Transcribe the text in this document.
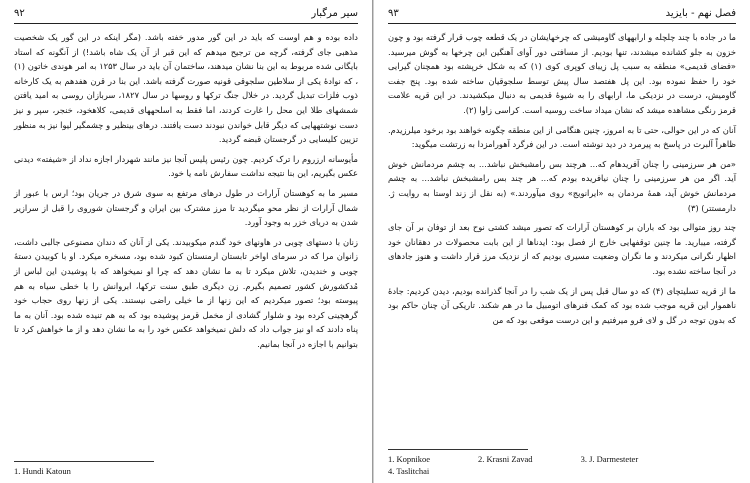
۹۲	سیر مرگبار

داده بوده و هم اوست که باید در این گور مدور خفته باشد. (مگر اینکه در این گور یک شخصیت مذهبی جای گرفته، گرچه من ترجیح میدهم که این قبر از آن یک شاه باشد!) از آنگونه که استاد بایگانی شده مربوط به این بنا نشان میدهند، ساختمان آن باید در سال ۱۲۵۳ به امر هوندی خاتون (۱) ، که نوادۀ یکی از سلاطین سلجوقی قونیه صورت گرفته باشد. این بنا در قرن هفدهم به یک کارخانه ذوب فلزات تبدیل گردید. در خلال جنگ ترکها و روسها در سال ۱۸۲۷، سربازان روسی به امید یافتن شمشهای طلا این محل را غارت کردند، اما فقط به اسلحههای قدیمی، کلاهخود، خنجر، سپر و نیز دست نوشتههایی که دیگر قابل خواندن نبودند دست یافتند. درهای بینظیر و چشمگیر لیوا نیز به منظور تزیین کلیسایی در گرجستان قبضه گردید.

مأیوسانه ارزروم را ترک کردیم. چون رئیس پلیس آنجا نیز مانند شهردار اجازه نداد از «شیفته» دیدنی عکس بگیریم، این بنا نتیجه نداشت سفارش نامه یا خود.

مسیر ما به کوهستان آرارات در طول درهای مرتفع به سوی شرق در جریان بود؛ ارس با عبور از شمال آرارات از نظر محو میگردید تا مرز مشترک بین ایران و گرجستان شوروی را قبل از سرازیر شدن به دریای خزر به وجود آورد.

زنان با دستهای چوبی در هاونهای خود گندم میکوبیدند. یکی از آنان که دندان مصنوعی جالبی داشت، زانوان مرا که در سرمای اواخر تابستان ارمنستان کبود شده بود، مسخره میکرد. او با کوبیدن دستهٔ چوبی و خندیدن، تلاش میکرد تا به ما نشان دهد که چرا او نمیخواهد که با پوشیدن این لباس از مُدکشورش کشور تصمیم بگیرم. زن دیگری طبق سنت ترکها، ابروانش را با خطی سیاه به هم پیوسته بود؛ تصور میکردیم که این زنها از ما خیلی راضی نیستند. یکی از زنها روی حجاب خود گرهچینی کرده بود و شلوار گشادی از مخمل قرمز پوشیده بود که به هم تنیده شده بود. آنان به ما پناه دادند که او نیز جواب داد که دلش نمیخواهد عکس خود را به ما نشان دهد و از ما خواهش کرد تا بتوانیم با اجازه در آنجا بمانیم.

1. Hundi Katoun
۹۳	فصل نهم - بایزید

ما در جاده با چند چلچله و ارابههای گاومیشی که چرخهایشان در یک قطعه چوب قرار گرفته بود و چون خزون به جلو کشانده میشدند، تنها بودیم. از مسافتی دور آوای آهنگین این چرخها به گوش میرسید. «فضای قدیمی» منطقه به سبب پل زیبای کوپری کوی (۱) که به شکل خرپشته بود همچنان گیرایی خود را حفظ نموده بود. این پل هفتصد سال پیش توسط سلجوقیان ساخته شده بود. پنج جفت گاومیش، درست در نزدیکی ما، ارابهای را به شیوۀ قدیمی به دنبال میکشیدند. در این قریه علامت قرمز رنگی مشاهده میشد که نشان میداد ساخت روسیه است. کراسی زاوا (۲).

آنان که در این حوالی، حتی تا به امروز، چنین هنگامی از این منطقه چگونه خواهند بود برخود میلرزیدم. ظاهراً آلبرت در پاسخ به پیرمرد در دید نوشته است. در این فرگرد آهورامزدا به زرتشت میگوید:

«من هر سرزمینی را چنان آفریدهام که... هرچند بس رامشبخش نباشد... به چشم مردمانش خوش آید. اگر من هر سرزمینی را چنان نیافریده بودم که... هر چند بس رامشبخش نباشد... به چشم مردمانش خوش آید، همۀ مردمان به «ایرانویج» روی میآوردند.» (به نقل از زند اوستا به روایت ژ. دارمستتر) (۳)

چند روز متوالی بود که باران بر کوهستان آرارات که تصور میشد کشتی نوح بعد از توفان بر آن جای گرفته، میبارید. ما چنین توقفهایی خارج از فصل بود: ایدناها از این بابت محصولات در دهقانان خود اظهار نگرانی میکردند و ما نگران وضعیت مسیری بودیم که از نزدیک مرز قرار داشت و هنوز جادهای در آنجا ساخته نشده بود.

ما از قریه تسلیتچای (۴) که دو سال قبل پس از یک شب را در آنجا گذرانده بودیم، دیدن کردیم: جادۀ ناهموار این قریه موجب شده بود که کمک فنرهای اتومبیل ما در هم شکند. تاریکی آن چنان حاکم بود که بدون توجه در گل و لای فرو میرفتیم و این درست موقعی بود که من

1. Kopnikoe	2. Krasni Zavad	3. J. Darmesteter
4. Taslitchai
